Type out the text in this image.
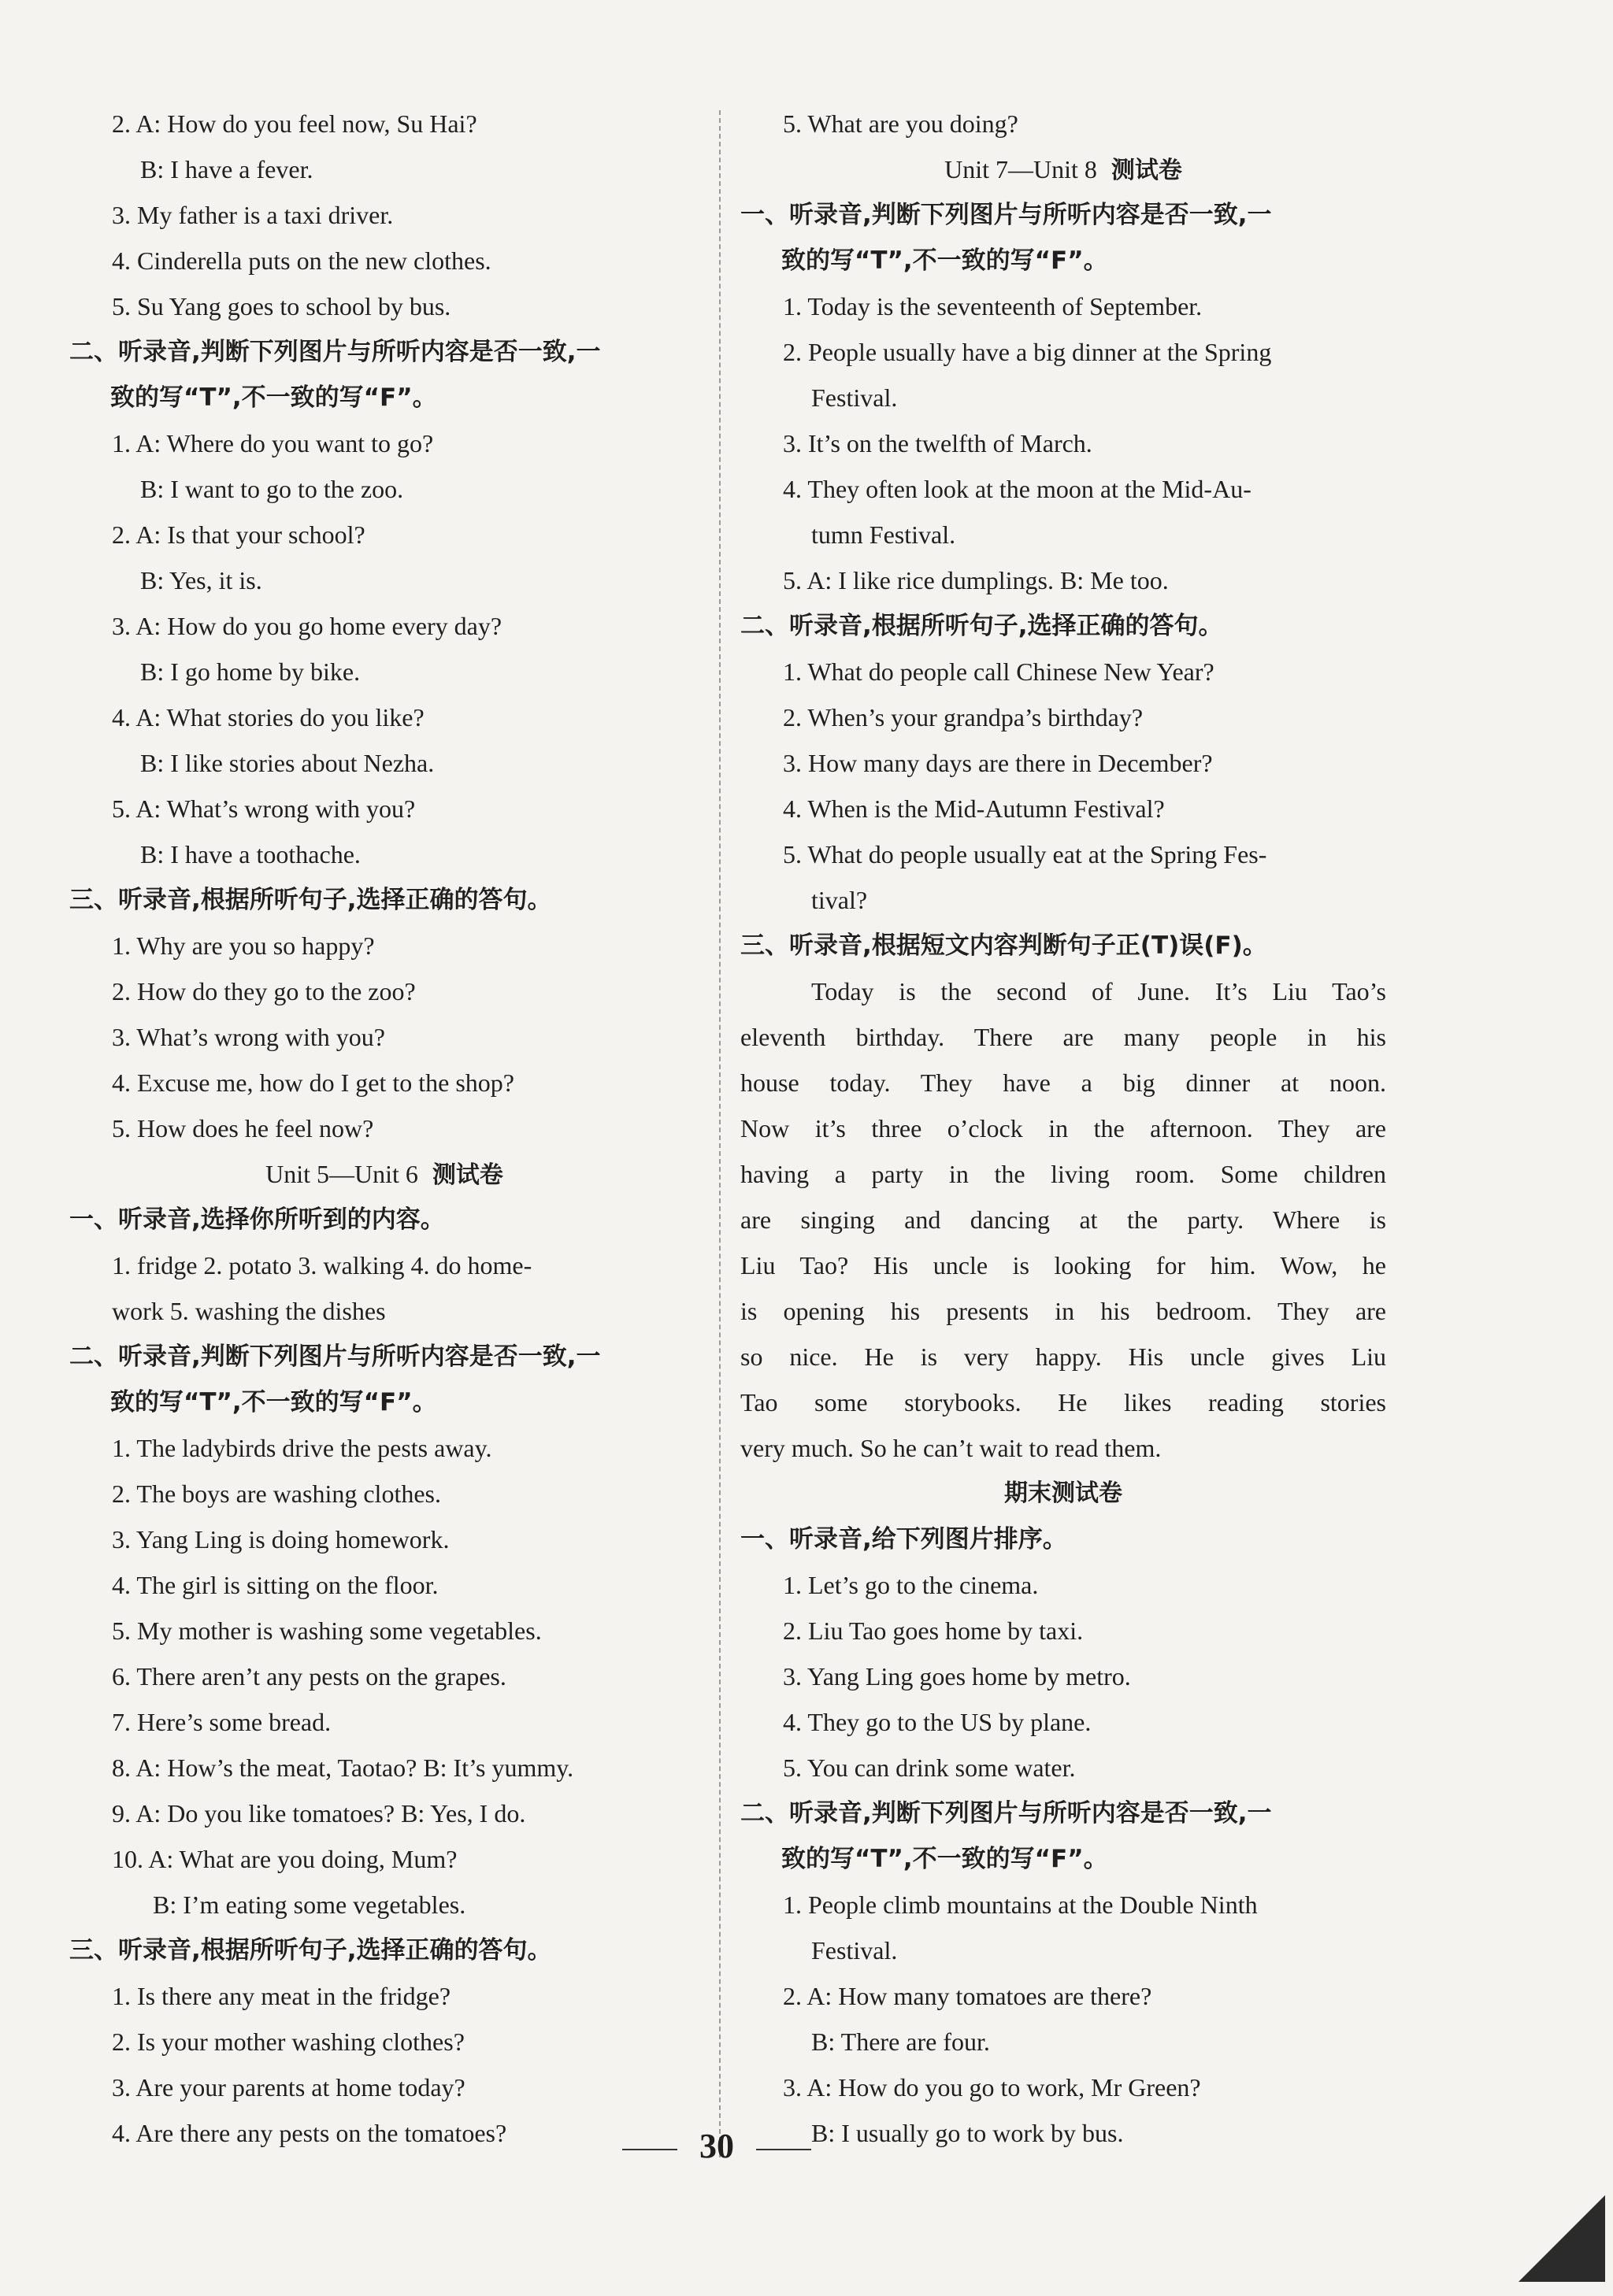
2. A: How do you feel now, Su Hai?
B: I have a fever.
3. My father is a taxi driver.
4. Cinderella puts on the new clothes.
5. Su Yang goes to school by bus.
二、听录音,判断下列图片与所听内容是否一致,一
致的写“T”,不一致的写“F”。
1. A: Where do you want to go?
B: I want to go to the zoo.
2. A: Is that your school?
B: Yes, it is.
3. A: How do you go home every day?
B: I go home by bike.
4. A: What stories do you like?
B: I like stories about Nezha.
5. A: What’s wrong with you?
B: I have a toothache.
三、听录音,根据所听句子,选择正确的答句。
1. Why are you so happy?
2. How do they go to the zoo?
3. What’s wrong with you?
4. Excuse me, how do I get to the shop?
5. How does he feel now?
Unit 5—Unit 6 测试卷
一、听录音,选择你所听到的内容。
1. fridge 2. potato 3. walking 4. do home-
work 5. washing the dishes
二、听录音,判断下列图片与所听内容是否一致,一
致的写“T”,不一致的写“F”。
1. The ladybirds drive the pests away.
2. The boys are washing clothes.
3. Yang Ling is doing homework.
4. The girl is sitting on the floor.
5. My mother is washing some vegetables.
6. There aren’t any pests on the grapes.
7. Here’s some bread.
8. A: How’s the meat, Taotao? B: It’s yummy.
9. A: Do you like tomatoes? B: Yes, I do.
10. A: What are you doing, Mum?
B: I’m eating some vegetables.
三、听录音,根据所听句子,选择正确的答句。
1. Is there any meat in the fridge?
2. Is your mother washing clothes?
3. Are your parents at home today?
4. Are there any pests on the tomatoes?
5. What are you doing?
Unit 7—Unit 8 测试卷
一、听录音,判断下列图片与所听内容是否一致,一
致的写“T”,不一致的写“F”。
1. Today is the seventeenth of September.
2. People usually have a big dinner at the Spring
Festival.
3. It’s on the twelfth of March.
4. They often look at the moon at the Mid-Au-
tumn Festival.
5. A: I like rice dumplings. B: Me too.
二、听录音,根据所听句子,选择正确的答句。
1. What do people call Chinese New Year?
2. When’s your grandpa’s birthday?
3. How many days are there in December?
4. When is the Mid-Autumn Festival?
5. What do people usually eat at the Spring Fes-
tival?
三、听录音,根据短文内容判断句子正(T)误(F)。
Today is the second of June. It’s Liu Tao’s
eleventh birthday. There are many people in his
house today. They have a big dinner at noon.
Now it’s three o’clock in the afternoon. They are
having a party in the living room. Some children
are singing and dancing at the party. Where is
Liu Tao? His uncle is looking for him. Wow, he
is opening his presents in his bedroom. They are
so nice. He is very happy. His uncle gives Liu
Tao some storybooks. He likes reading stories
very much. So he can’t wait to read them.
期末测试卷
一、听录音,给下列图片排序。
1. Let’s go to the cinema.
2. Liu Tao goes home by taxi.
3. Yang Ling goes home by metro.
4. They go to the US by plane.
5. You can drink some water.
二、听录音,判断下列图片与所听内容是否一致,一
致的写“T”,不一致的写“F”。
1. People climb mountains at the Double Ninth
Festival.
2. A: How many tomatoes are there?
B: There are four.
3. A: How do you go to work, Mr Green?
B: I usually go to work by bus.
30
